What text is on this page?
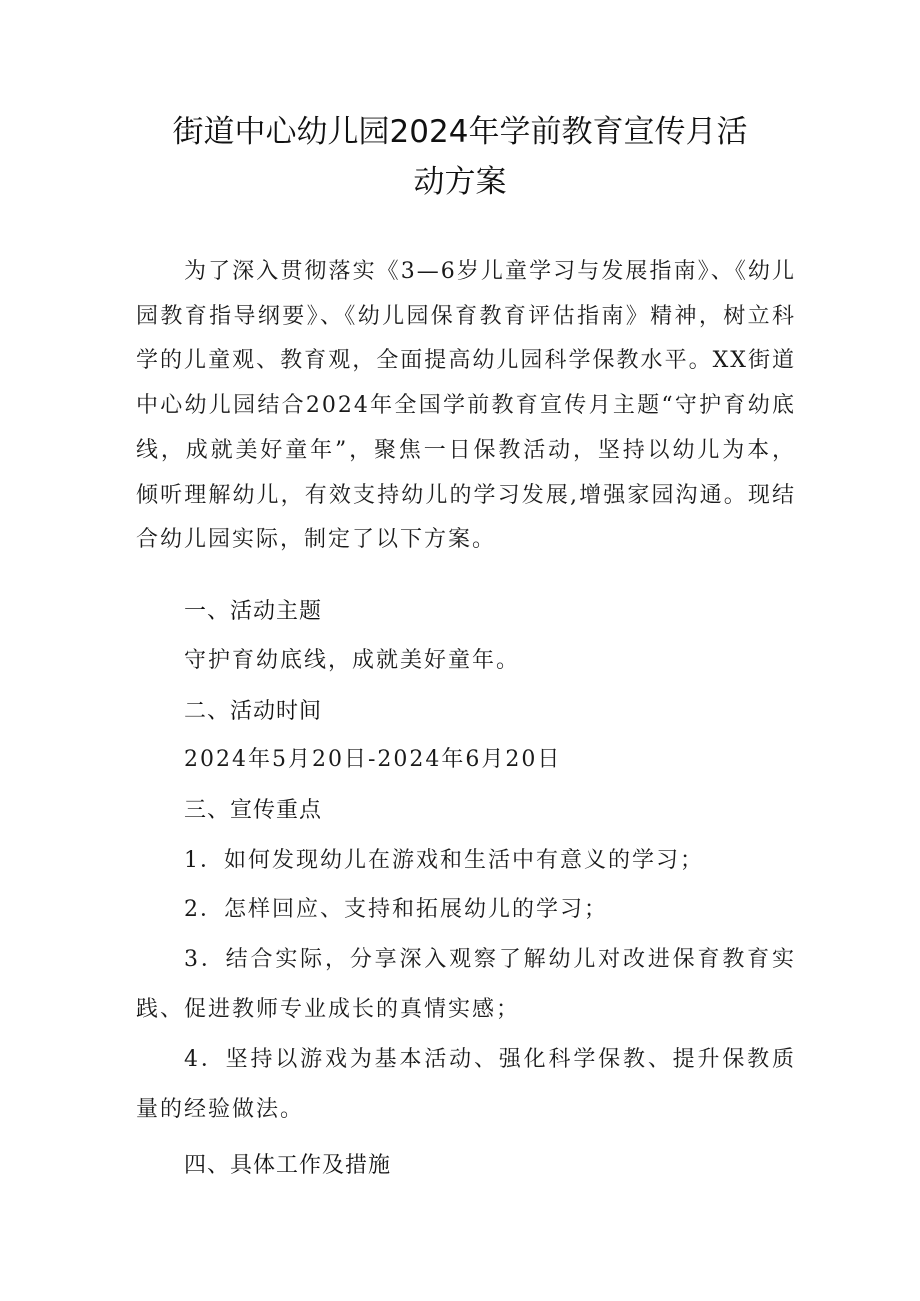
街道中心幼儿园2024年学前教育宣传月活
动方案

为了深入贯彻落实《3—6岁儿童学习与发展指南》、《幼儿园教育指导纲要》、《幼儿园保育教育评估指南》精神，树立科学的儿童观、教育观，全面提高幼儿园科学保教水平。XX街道中心幼儿园结合2024年全国学前教育宣传月主题“守护育幼底线，成就美好童年”，聚焦一日保教活动，坚持以幼儿为本，倾听理解幼儿，有效支持幼儿的学习发展,增强家园沟通。现结合幼儿园实际，制定了以下方案。

一、活动主题

守护育幼底线，成就美好童年。

二、活动时间

2024年5月20日-2024年6月20日

三、宣传重点

1．如何发现幼儿在游戏和生活中有意义的学习；

2．怎样回应、支持和拓展幼儿的学习；

3．结合实际，分享深入观察了解幼儿对改进保育教育实践、促进教师专业成长的真情实感；

4．坚持以游戏为基本活动、强化科学保教、提升保教质量的经验做法。

四、具体工作及措施
